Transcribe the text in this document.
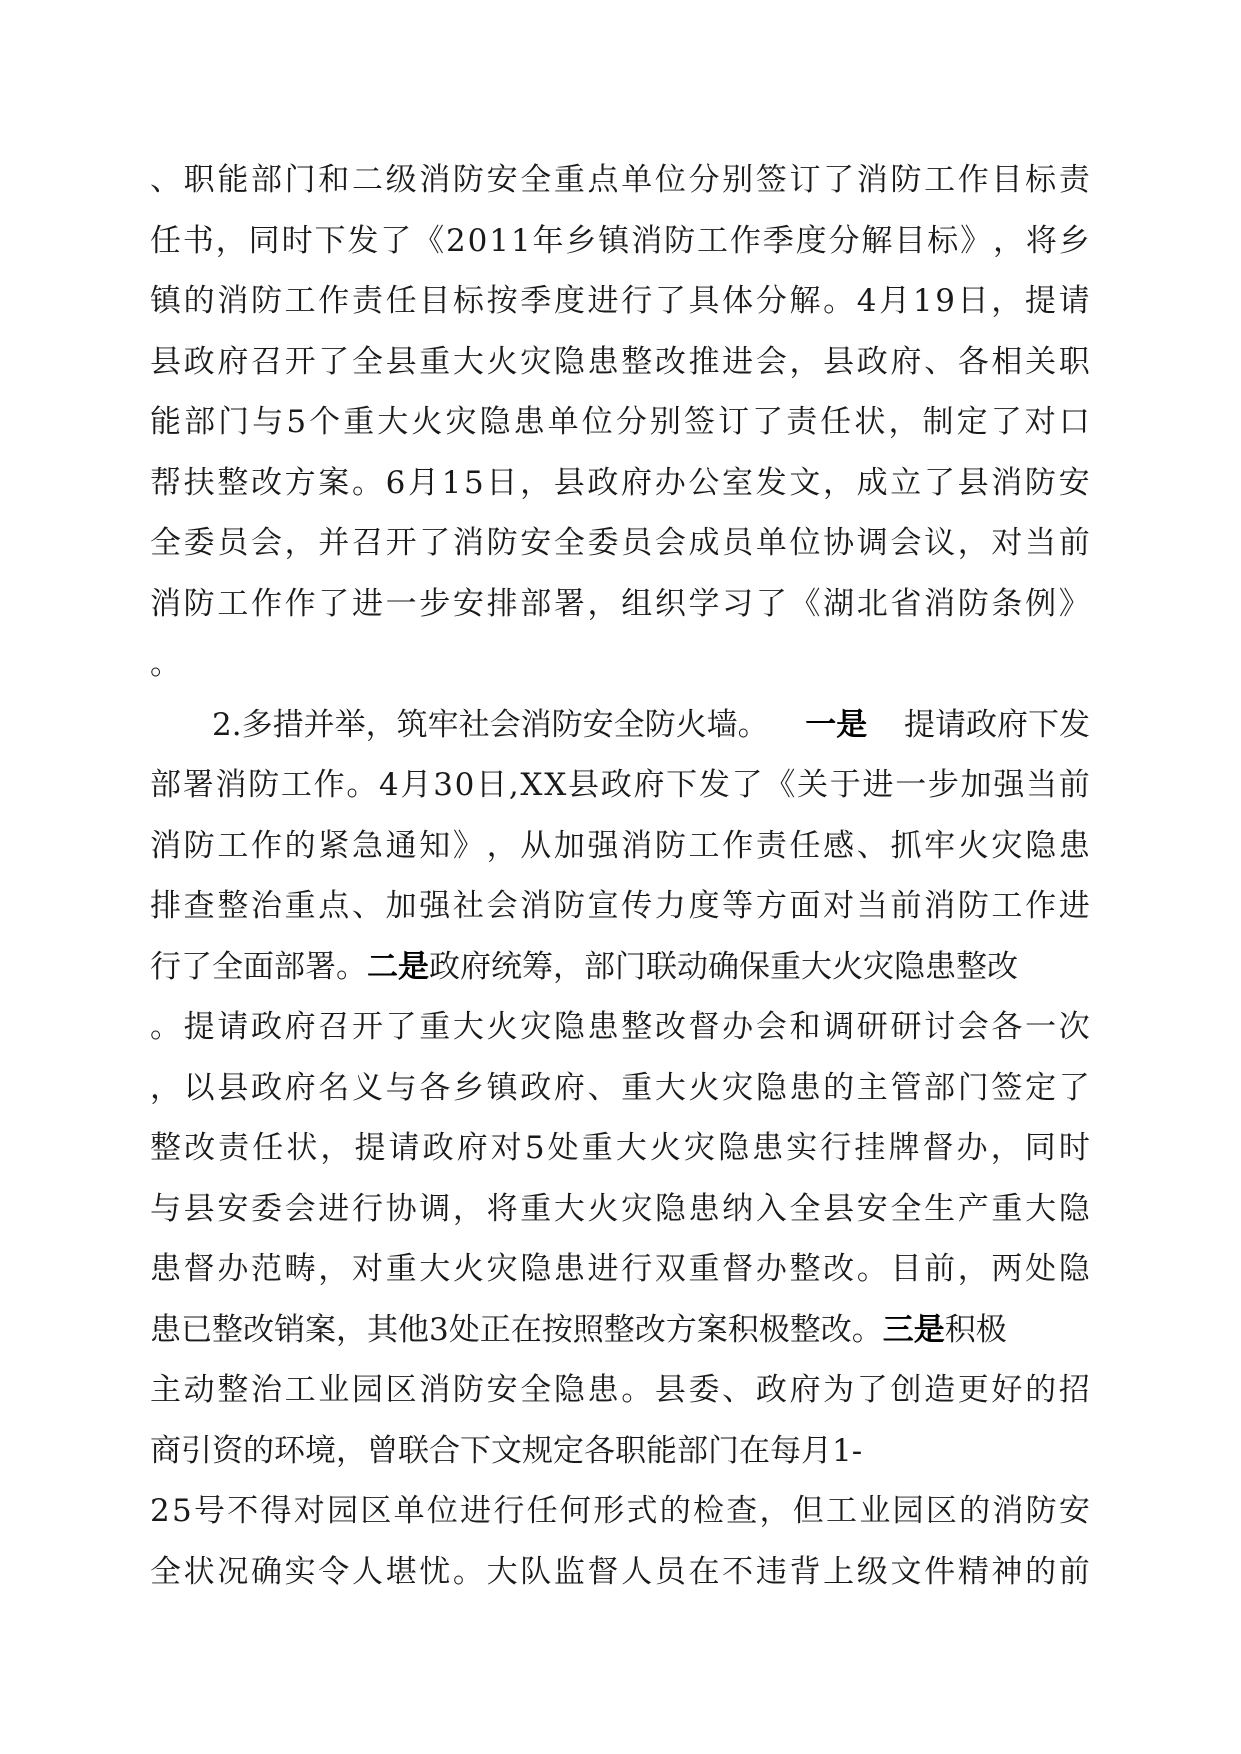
、 职 能 部 门 和 二 级 消 防 安 全 重 点 单 位 分 别 签 订 了 消 防 工 作 目 标 责
任 书 ， 同 时 下 发 了 《 2 0 1 1 年 乡 镇 消 防 工 作 季 度 分 解 目 标 》 ， 将 乡
镇 的 消 防 工 作 责 任 目 标 按 季 度 进 行 了 具 体 分 解 。 4 月 1 9 日 ， 提 请
县 政 府 召 开 了 全 县 重 大 火 灾 隐 患 整 改 推 进 会 ， 县 政 府 、 各 相 关 职
能 部 门 与 5 个 重 大 火 灾 隐 患 单 位 分 别 签 订 了 责 任 状 ， 制 定 了 对 口
帮 扶 整 改 方 案 。 6 月 1 5 日 ， 县 政 府 办 公 室 发 文 ， 成 立 了 县 消 防 安
全 委 员 会 ， 并 召 开 了 消 防 安 全 委 员 会 成 员 单 位 协 调 会 议 ， 对 当 前
消 防 工 作 作 了 进 一 步 安 排 部 署 ， 组 织 学 习 了 《 湖 北 省 消 防 条 例 》
。
2.多措并举，筑牢社会消防安全防火墙。 一是 提请政府下发
部 署 消 防 工 作 。 4 月 3 0 日 , X X 县 政 府 下 发 了 《 关 于 进 一 步 加 强 当 前
消 防 工 作 的 紧 急 通 知 》 ， 从 加 强 消 防 工 作 责 任 感 、 抓 牢 火 灾 隐 患
排 查 整 治 重 点 、 加 强 社 会 消 防 宣 传 力 度 等 方 面 对 当 前 消 防 工 作 进
行了全面部署。 二是 政府统筹，部门联动确保重大火灾隐患整改
。 提 请 政 府 召 开 了 重 大 火 灾 隐 患 整 改 督 办 会 和 调 研 研 讨 会 各 一 次
， 以 县 政 府 名 义 与 各 乡 镇 政 府 、 重 大 火 灾 隐 患 的 主 管 部 门 签 定 了
整 改 责 任 状 ， 提 请 政 府 对 5 处 重 大 火 灾 隐 患 实 行 挂 牌 督 办 ， 同 时
与 县 安 委 会 进 行 协 调 ， 将 重 大 火 灾 隐 患 纳 入 全 县 安 全 生 产 重 大 隐
患 督 办 范 畴 ， 对 重 大 火 灾 隐 患 进 行 双 重 督 办 整 改 。 目 前 ， 两 处 隐
患已整改销案，其他3处正在按照整改方案积极整改。 三是 积极
主 动 整 治 工 业 园 区 消 防 安 全 隐 患 。 县 委 、 政 府 为 了 创 造 更 好 的 招
商引资的环境，曾联合下文规定各职能部门在每月1-
2 5 号 不 得 对 园 区 单 位 进 行 任 何 形 式 的 检 查 ， 但 工 业 园 区 的 消 防 安
全 状 况 确 实 令 人 堪 忧 。 大 队 监 督 人 员 在 不 违 背 上 级 文 件 精 神 的 前
